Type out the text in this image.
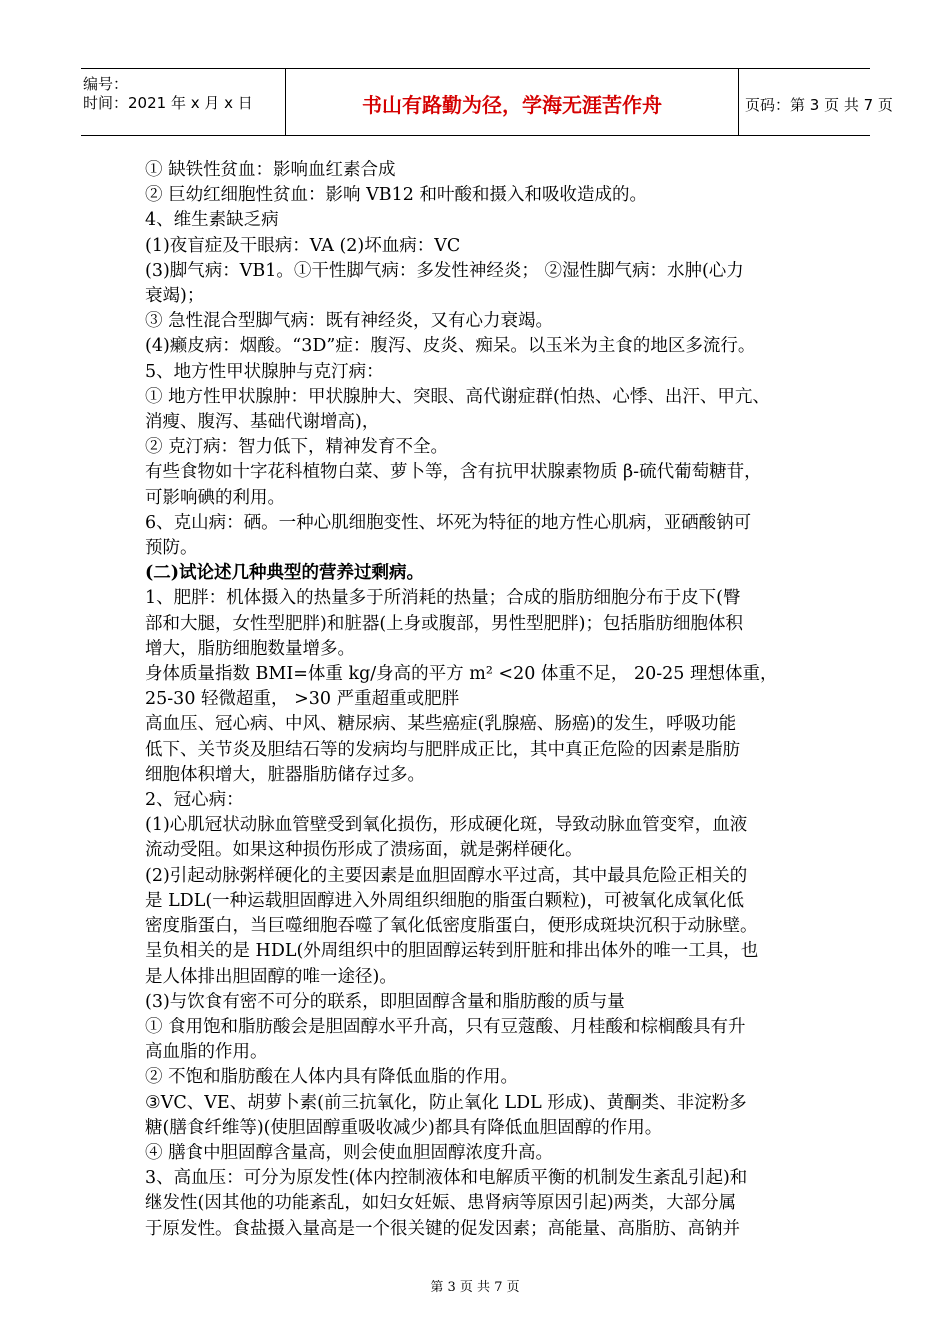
编号：
时间：2021 年 x 月 x 日	书山有路勤为径，学海无涯苦作舟	页码：第 3 页 共 7 页

① 缺铁性贫血：影响血红素合成

② 巨幼红细胞性贫血：影响 VB12 和叶酸和摄入和吸收造成的。

4、维生素缺乏病

(1)夜盲症及干眼病：VA (2)坏血病：VC

(3)脚气病：VB1。①干性脚气病：多发性神经炎； ②湿性脚气病：水肿(心力

衰竭)；

③ 急性混合型脚气病：既有神经炎，又有心力衰竭。

(4)癞皮病：烟酸。“3D”症：腹泻、皮炎、痴呆。以玉米为主食的地区多流行。

5、地方性甲状腺肿与克汀病：

① 地方性甲状腺肿：甲状腺肿大、突眼、高代谢症群(怕热、心悸、出汗、甲亢、

消瘦、腹泻、基础代谢增高)，

② 克汀病：智力低下，精神发育不全。

有些食物如十字花科植物白菜、萝卜等，含有抗甲状腺素物质 β-硫代葡萄糖苷，

可影响碘的利用。

6、克山病：硒。一种心肌细胞变性、坏死为特征的地方性心肌病，亚硒酸钠可

预防。

(二)试论述几种典型的营养过剩病。

1、肥胖：机体摄入的热量多于所消耗的热量；合成的脂肪细胞分布于皮下(臀

部和大腿，女性型肥胖)和脏器(上身或腹部，男性型肥胖)；包括脂肪细胞体积

增大，脂肪细胞数量增多。

身体质量指数 BMI=体重 kg/身高的平方 m² <20 体重不足， 20-25 理想体重，

25-30 轻微超重， >30 严重超重或肥胖

高血压、冠心病、中风、糖尿病、某些癌症(乳腺癌、肠癌)的发生，呼吸功能

低下、关节炎及胆结石等的发病均与肥胖成正比，其中真正危险的因素是脂肪

细胞体积增大，脏器脂肪储存过多。

2、冠心病：

(1)心肌冠状动脉血管壁受到氧化损伤，形成硬化斑，导致动脉血管变窄，血液

流动受阻。如果这种损伤形成了溃疡面，就是粥样硬化。

(2)引起动脉粥样硬化的主要因素是血胆固醇水平过高，其中最具危险正相关的

是 LDL(一种运载胆固醇进入外周组织细胞的脂蛋白颗粒)，可被氧化成氧化低

密度脂蛋白，当巨噬细胞吞噬了氧化低密度脂蛋白，便形成斑块沉积于动脉壁。

呈负相关的是 HDL(外周组织中的胆固醇运转到肝脏和排出体外的唯一工具，也

是人体排出胆固醇的唯一途径)。

(3)与饮食有密不可分的联系，即胆固醇含量和脂肪酸的质与量

① 食用饱和脂肪酸会是胆固醇水平升高，只有豆蔻酸、月桂酸和棕榈酸具有升

高血脂的作用。

② 不饱和脂肪酸在人体内具有降低血脂的作用。

③VC、VE、胡萝卜素(前三抗氧化，防止氧化 LDL 形成)、黄酮类、非淀粉多

糖(膳食纤维等)(使胆固醇重吸收减少)都具有降低血胆固醇的作用。

④ 膳食中胆固醇含量高，则会使血胆固醇浓度升高。

3、高血压：可分为原发性(体内控制液体和电解质平衡的机制发生紊乱引起)和

继发性(因其他的功能紊乱，如妇女妊娠、患肾病等原因引起)两类，大部分属

于原发性。食盐摄入量高是一个很关键的促发因素；高能量、高脂肪、高钠并

第 3 页 共 7 页
